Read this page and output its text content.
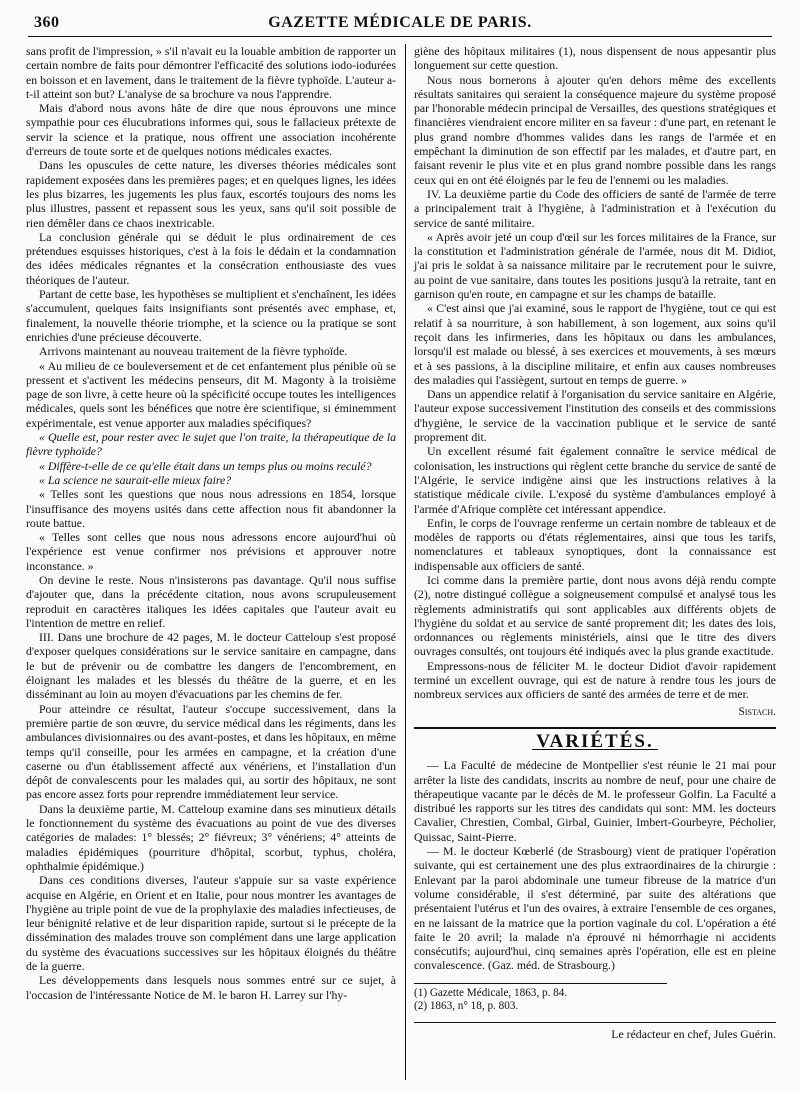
360	GAZETTE MÉDICALE DE PARIS.

sans profit de l'impression, » s'il n'avait eu la louable ambition de rapporter un certain nombre de faits pour démontrer l'efficacité des solutions iodo-iodurées en boisson et en lavement, dans le traitement de la fièvre typhoïde. L'auteur a-t-il atteint son but? L'analyse de sa brochure va nous l'apprendre.

Mais d'abord nous avons hâte de dire que nous éprouvons une mince sympathie pour ces élucubrations informes qui, sous le fallacieux prétexte de servir la science et la pratique, nous offrent une association incohérente d'erreurs de toute sorte et de quelques notions médicales exactes.

Dans les opuscules de cette nature, les diverses théories médicales sont rapidement exposées dans les premières pages; et en quelques lignes, les idées les plus bizarres, les jugements les plus faux, escortés toujours des noms les plus illustres, passent et repassent sous les yeux, sans qu'il soit possible de rien démêler dans ce chaos inextricable.

La conclusion générale qui se déduit le plus ordinairement de ces prétendues esquisses historiques, c'est à la fois le dédain et la condamnation des idées médicales régnantes et la consécration enthousiaste des vues théoriques de l'auteur.

Partant de cette base, les hypothèses se multiplient et s'enchaînent, les idées s'accumulent, quelques faits insignifiants sont présentés avec emphase, et, finalement, la nouvelle théorie triomphe, et la science ou la pratique se sont enrichies d'une précieuse découverte.

Arrivons maintenant au nouveau traitement de la fièvre typhoïde.

« Au milieu de ce bouleversement et de cet enfantement plus pénible où se pressent et s'activent les médecins penseurs, dit M. Magonty à la troisième page de son livre, à cette heure où la spécificité occupe toutes les intelligences médicales, quels sont les bénéfices que notre ère scientifique, si éminemment expérimentale, est venue apporter aux maladies spécifiques?

« Quelle est, pour rester avec le sujet que l'on traite, la thérapeutique de la fièvre typhoïde?

« Diffère-t-elle de ce qu'elle était dans un temps plus ou moins reculé?

« La science ne saurait-elle mieux faire?

« Telles sont les questions que nous nous adressions en 1854, lorsque l'insuffisance des moyens usités dans cette affection nous fit abandonner la route battue.

« Telles sont celles que nous nous adressons encore aujourd'hui où l'expérience est venue confirmer nos prévisions et approuver notre inconstance. »

On devine le reste. Nous n'insisterons pas davantage. Qu'il nous suffise d'ajouter que, dans la précédente citation, nous avons scrupuleusement reproduit en caractères italiques les idées capitales que l'auteur avait eu l'intention de mettre en relief.

III. Dans une brochure de 42 pages, M. le docteur Catteloup s'est proposé d'exposer quelques considérations sur le service sanitaire en campagne, dans le but de prévenir ou de combattre les dangers de l'encombrement, en éloignant les malades et les blessés du théâtre de la guerre, et en les disséminant au loin au moyen d'évacuations par les chemins de fer.

Pour atteindre ce résultat, l'auteur s'occupe successivement, dans la première partie de son œuvre, du service médical dans les régiments, dans les ambulances divisionnaires ou des avant-postes, et dans les hôpitaux, en même temps qu'il conseille, pour les armées en campagne, et la création d'une caserne ou d'un établissement affecté aux vénériens, et l'installation d'un dépôt de convalescents pour les malades qui, au sortir des hôpitaux, ne sont pas encore assez forts pour reprendre immédiatement leur service.

Dans la deuxième partie, M. Catteloup examine dans ses minutieux détails le fonctionnement du système des évacuations au point de vue des diverses catégories de malades: 1° blessés; 2° fiévreux; 3° vénériens; 4° atteints de maladies épidémiques (pourriture d'hôpital, scorbut, typhus, choléra, ophthalmie épidémique.)

Dans ces conditions diverses, l'auteur s'appuie sur sa vaste expérience acquise en Algérie, en Orient et en Italie, pour nous montrer les avantages de l'hygiène au triple point de vue de la prophylaxie des maladies infectieuses, de leur bénignité relative et de leur disparition rapide, surtout si le précepte de la dissémination des malades trouve son complément dans une large application du système des évacuations successives sur les hôpitaux éloignés du théâtre de la guerre.

Les développements dans lesquels nous sommes entré sur ce sujet, à l'occasion de l'intéressante Notice de M. le baron H. Larrey sur l'hy-

giène des hôpitaux militaires (1), nous dispensent de nous appesantir plus longuement sur cette question.

Nous nous bornerons à ajouter qu'en dehors même des excellents résultats sanitaires qui seraient la conséquence majeure du système proposé par l'honorable médecin principal de Versailles, des questions stratégiques et financières viendraient encore militer en sa faveur : d'une part, en retenant le plus grand nombre d'hommes valides dans les rangs de l'armée et en empêchant la diminution de son effectif par les malades, et d'autre part, en faisant revenir le plus vite et en plus grand nombre possible dans les rangs ceux qui en ont été éloignés par le feu de l'ennemi ou les maladies.

IV. La deuxième partie du Code des officiers de santé de l'armée de terre a principalement trait à l'hygiène, à l'administration et à l'exécution du service de santé militaire.

« Après avoir jeté un coup d'œil sur les forces militaires de la France, sur la constitution et l'administration générale de l'armée, nous dit M. Didiot, j'ai pris le soldat à sa naissance militaire par le recrutement pour le suivre, au point de vue sanitaire, dans toutes les positions jusqu'à la retraite, tant en garnison qu'en route, en campagne et sur les champs de bataille.

« C'est ainsi que j'ai examiné, sous le rapport de l'hygiène, tout ce qui est relatif à sa nourriture, à son habillement, à son logement, aux soins qu'il reçoit dans les infirmeries, dans les hôpitaux ou dans les ambulances, lorsqu'il est malade ou blessé, à ses exercices et mouvements, à ses mœurs et à ses passions, à la discipline militaire, et enfin aux causes nombreuses des maladies qui l'assiègent, surtout en temps de guerre. »

Dans un appendice relatif à l'organisation du service sanitaire en Algérie, l'auteur expose successivement l'institution des conseils et des commissions d'hygiène, le service de la vaccination publique et le service de santé proprement dit.

Un excellent résumé fait également connaître le service médical de colonisation, les instructions qui règlent cette branche du service de santé de l'Algérie, le service indigène ainsi que les instructions relatives à la statistique médicale civile. L'exposé du système d'ambulances employé à l'armée d'Afrique complète cet intéressant appendice.

Enfin, le corps de l'ouvrage renferme un certain nombre de tableaux et de modèles de rapports ou d'états réglementaires, ainsi que tous les tarifs, nomenclatures et tableaux synoptiques, dont la connaissance est indispensable aux officiers de santé.

Ici comme dans la première partie, dont nous avons déjà rendu compte (2), notre distingué collègue a soigneusement compulsé et analysé tous les règlements administratifs qui sont applicables aux différents objets de l'hygiène du soldat et au service de santé proprement dit; les dates des lois, ordonnances ou règlements ministériels, ainsi que le titre des divers ouvrages consultés, ont toujours été indiqués avec la plus grande exactitude.

Empressons-nous de féliciter M. le docteur Didiot d'avoir rapidement terminé un excellent ouvrage, qui est de nature à rendre tous les jours de nombreux services aux officiers de santé des armées de terre et de mer.

Sistach.
VARIÉTÉS.

— La Faculté de médecine de Montpellier s'est réunie le 21 mai pour arrêter la liste des candidats, inscrits au nombre de neuf, pour une chaire de thérapeutique vacante par le décès de M. le professeur Golfin. La Faculté a distribué les rapports sur les titres des candidats qui sont: MM. les docteurs Cavalier, Chrestien, Combal, Girbal, Guinier, Imbert-Gourbeyre, Pécholier, Quissac, Saint-Pierre.

— M. le docteur Kœberlé (de Strasbourg) vient de pratiquer l'opération suivante, qui est certainement une des plus extraordinaires de la chirurgie : Enlevant par la paroi abdominale une tumeur fibreuse de la matrice d'un volume considérable, il s'est déterminé, par suite des altérations que présentaient l'utérus et l'un des ovaires, à extraire l'ensemble de ces organes, en ne laissant de la matrice que la portion vaginale du col. L'opération a été faite le 20 avril; la malade n'a éprouvé ni hémorrhagie ni accidents consécutifs; aujourd'hui, cinq semaines après l'opération, elle est en pleine convalescence. (Gaz. méd. de Strasbourg.)

(1) Gazette Médicale, 1863, p. 84.

(2) 1863, n° 18, p. 803.

Le rédacteur en chef, Jules Guérin.
